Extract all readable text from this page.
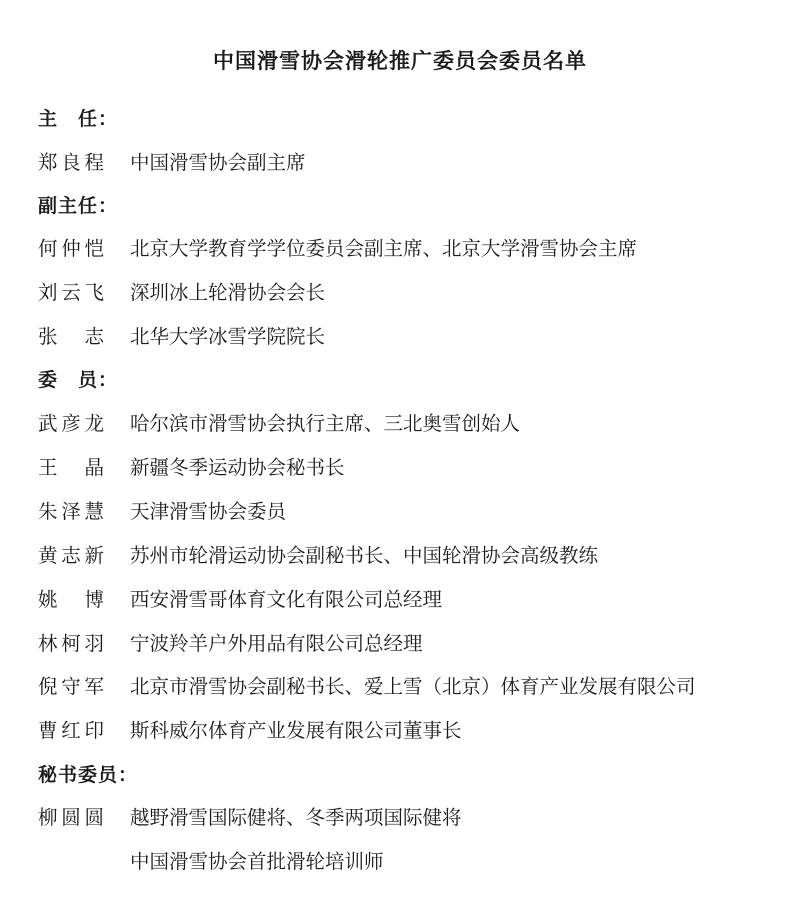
中国滑雪协会滑轮推广委员会委员名单
主　任：
郑良程 中国滑雪协会副主席
副主任：
何仲恺 北京大学教育学学位委员会副主席、北京大学滑雪协会主席
刘云飞 深圳冰上轮滑协会会长
张　志 北华大学冰雪学院院长
委　员：
武彦龙 哈尔滨市滑雪协会执行主席、三北奥雪创始人
王　晶 新疆冬季运动协会秘书长
朱泽慧 天津滑雪协会委员
黄志新 苏州市轮滑运动协会副秘书长、中国轮滑协会高级教练
姚　博 西安滑雪哥体育文化有限公司总经理
林柯羽 宁波羚羊户外用品有限公司总经理
倪守军 北京市滑雪协会副秘书长、爱上雪（北京）体育产业发展有限公司
曹红印 斯科威尔体育产业发展有限公司董事长
秘书委员：
柳圆圆 越野滑雪国际健将、冬季两项国际健将
中国滑雪协会首批滑轮培训师
